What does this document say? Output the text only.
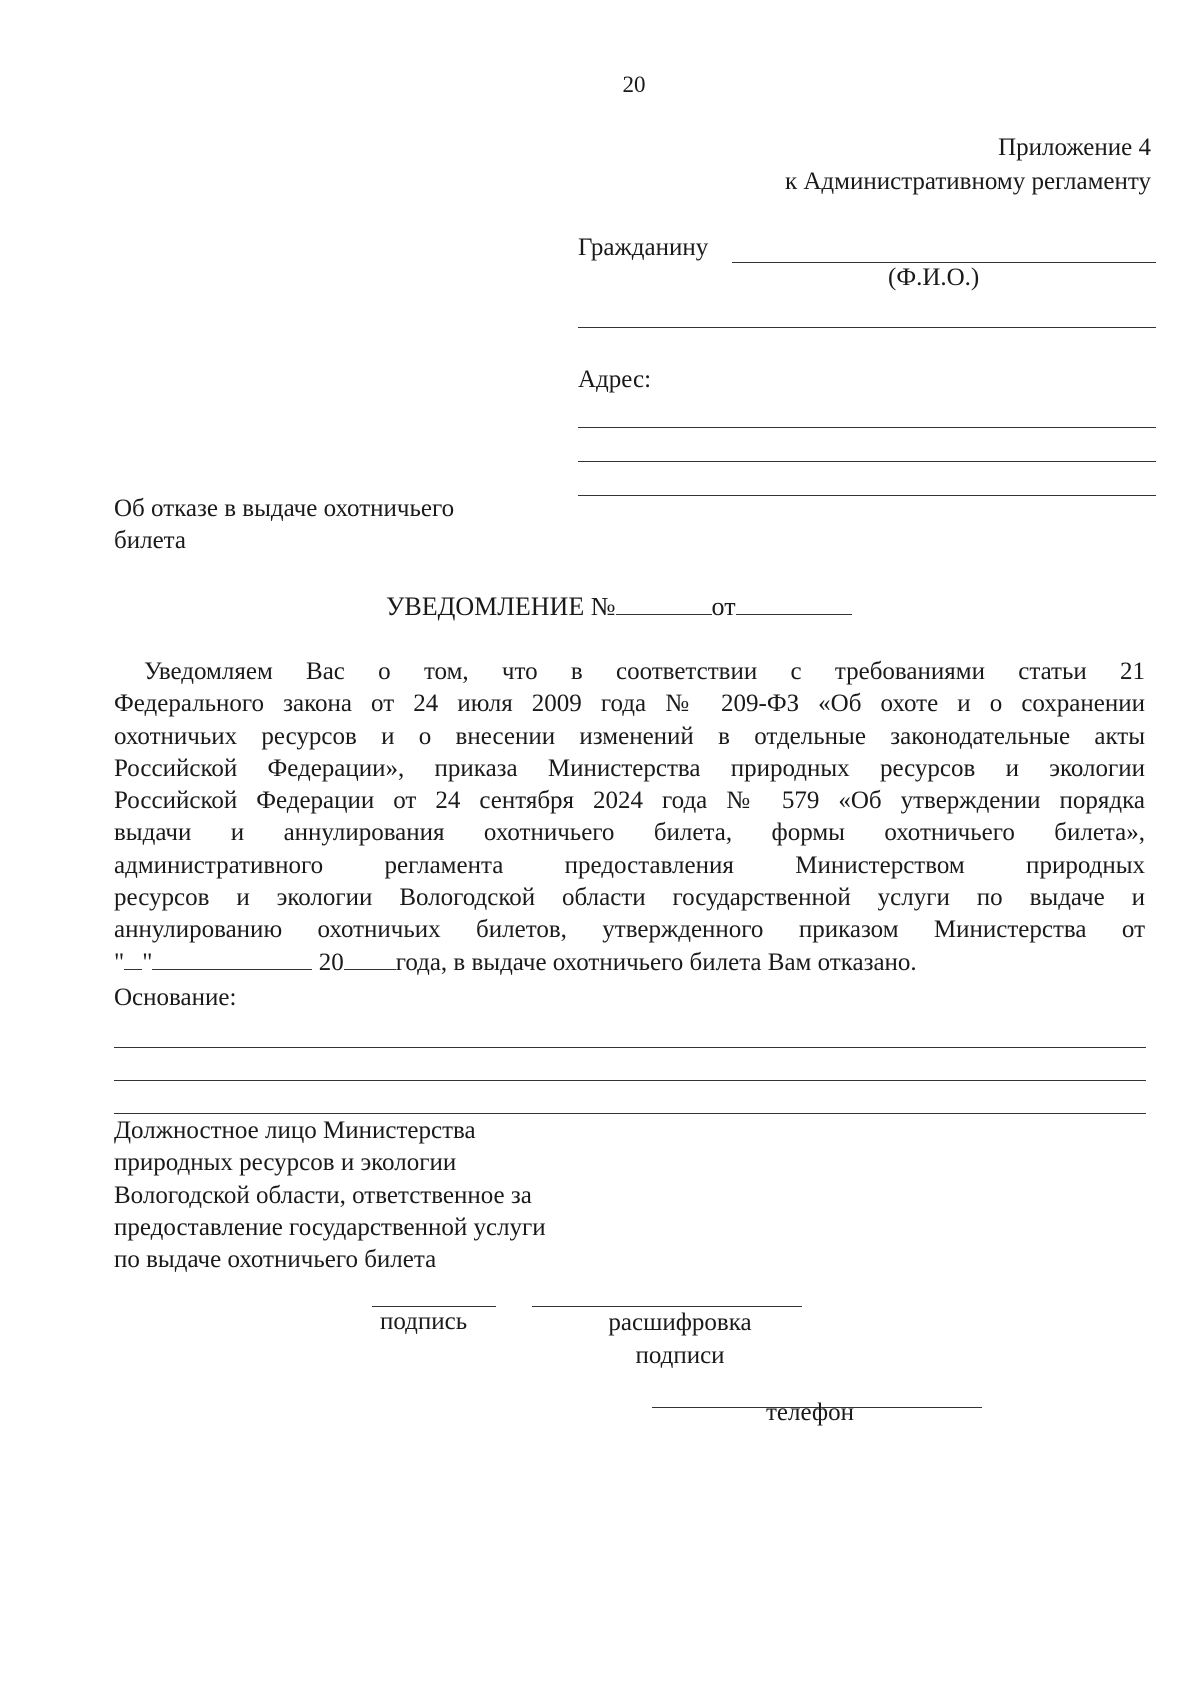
20
Приложение 4
к Административному регламенту
Гражданину
(Ф.И.О.)
Адрес:
Об отказе в выдаче охотничьего
билета
УВЕДОМЛЕНИЕ №	от
Уведомляем Вас о том, что в соответствии с требованиями статьи 21
Федерального закона от 24 июля 2009 года № 209-ФЗ «Об охоте и о сохранении
охотничьих ресурсов и о внесении изменений в отдельные законодательные акты
Российской Федерации», приказа Министерства природных ресурсов и экологии
Российской Федерации от 24 сентября 2024 года № 579 «Об утверждении порядка
выдачи и аннулирования охотничьего билета, формы охотничьего билета»,
административного регламента предоставления Министерством природных
ресурсов и экологии Вологодской области государственной услуги по выдаче и
аннулированию охотничьих билетов, утвержденного приказом Министерства от
" "	20 года, в выдаче охотничьего билета Вам отказано.
Основание:
Должностное лицо Министерства
природных ресурсов и экологии
Вологодской области, ответственное за
предоставление государственной услуги
по выдаче охотничьего билета
подпись	расшифровка
подписи
телефон
